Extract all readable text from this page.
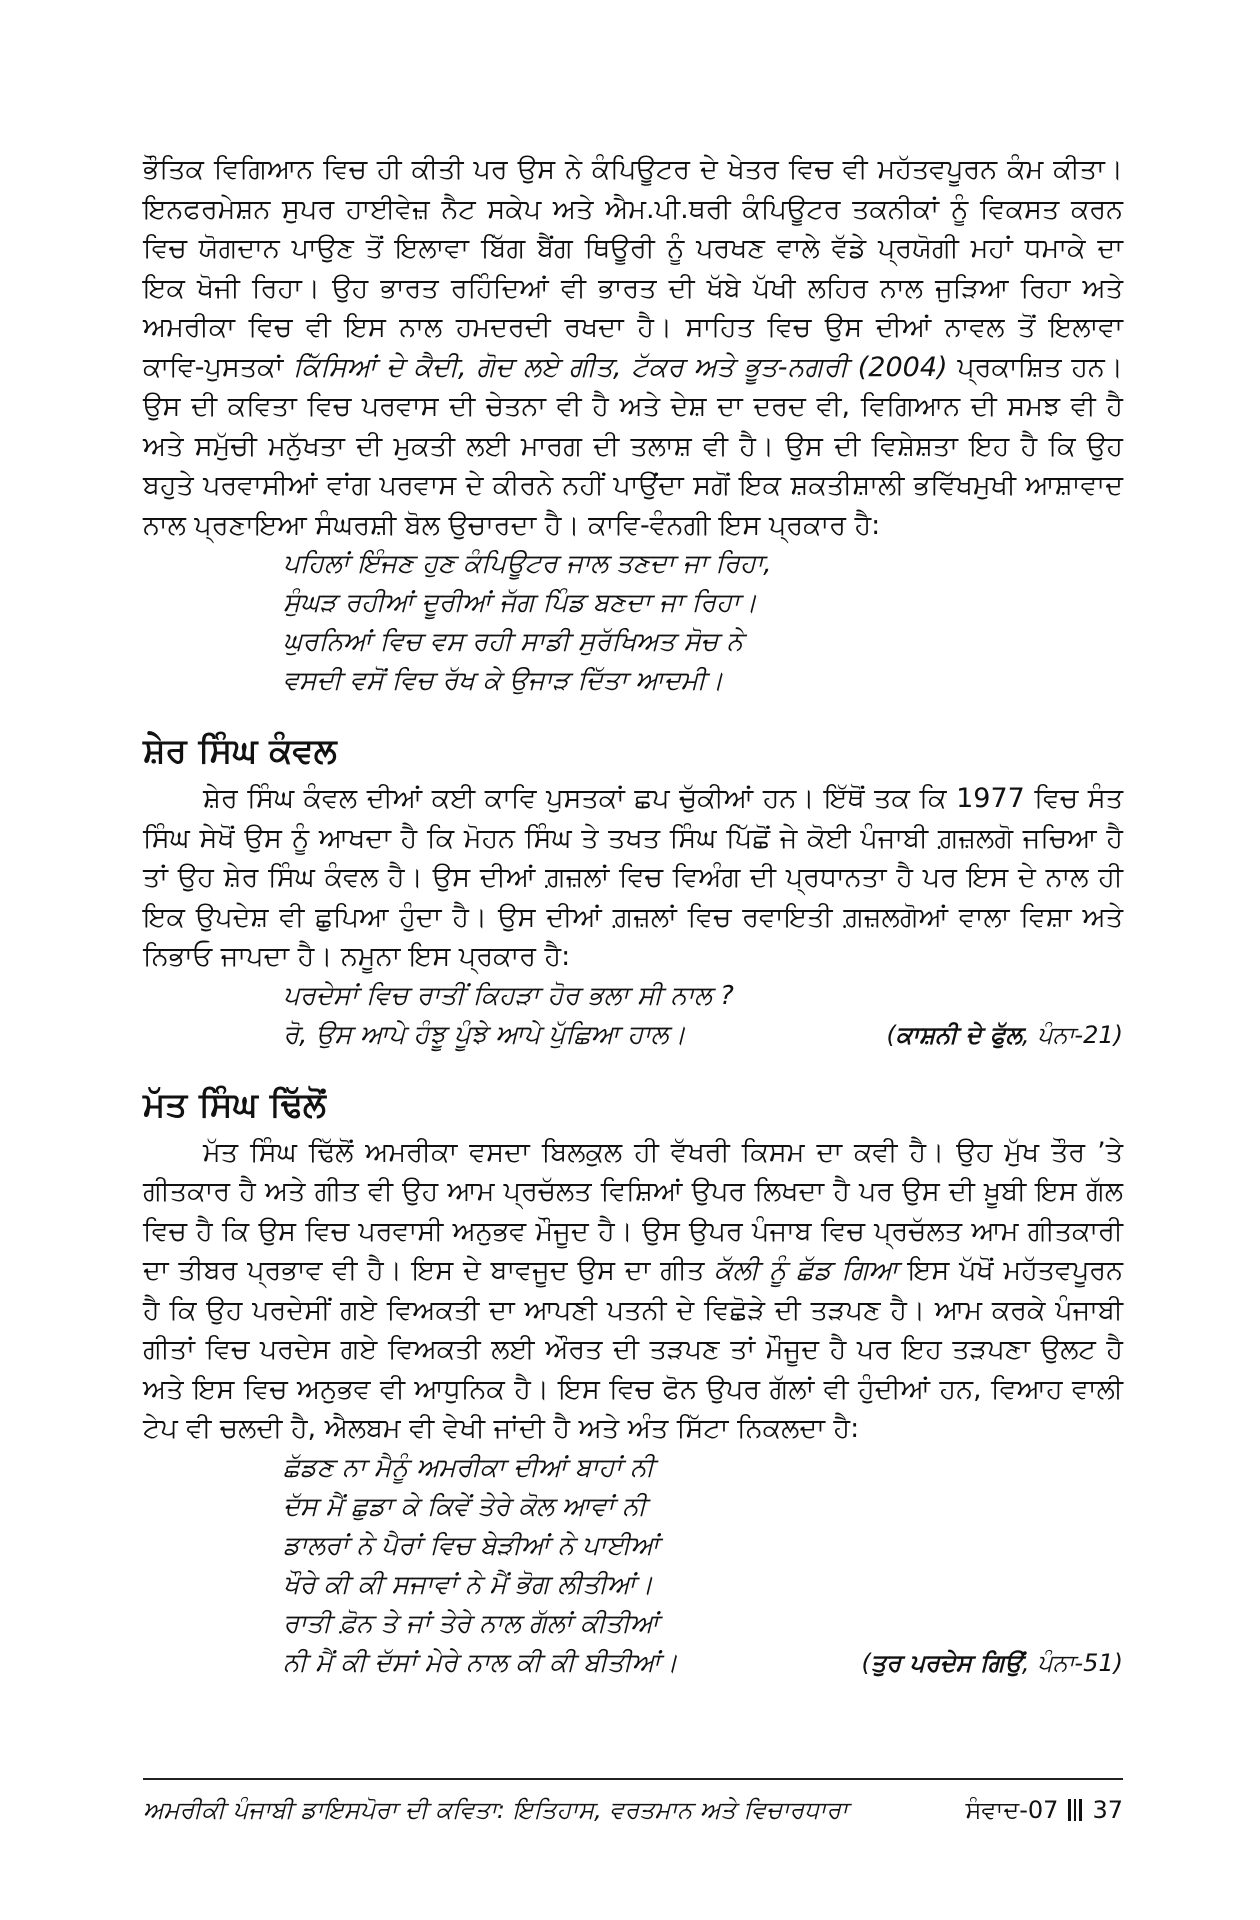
ਭੌਤਿਕ ਵਿਗਿਆਨ ਵਿਚ ਹੀ ਕੀਤੀ ਪਰ ਉਸ ਨੇ ਕੰਪਿਊਟਰ ਦੇ ਖੇਤਰ ਵਿਚ ਵੀ ਮਹੱਤਵਪੂਰਨ ਕੰਮ ਕੀਤਾ। ਇਨਫਰਮੇਸ਼ਨ ਸੁਪਰ ਹਾਈਵੇਜ਼ ਨੈਟ ਸਕੇਪ ਅਤੇ ਐਮ.ਪੀ.ਥਰੀ ਕੰਪਿਊਟਰ ਤਕਨੀਕਾਂ ਨੂੰ ਵਿਕਸਤ ਕਰਨ ਵਿਚ ਯੋਗਦਾਨ ਪਾਉਣ ਤੋਂ ਇਲਾਵਾ ਬਿੱਗ ਬੈਂਗ ਥਿਊਰੀ ਨੂੰ ਪਰਖਣ ਵਾਲੇ ਵੱਡੇ ਪ੍ਰਯੋਗੀ ਮਹਾਂ ਧਮਾਕੇ ਦਾ ਇਕ ਖੋਜੀ ਰਿਹਾ। ਉਹ ਭਾਰਤ ਰਹਿੰਦਿਆਂ ਵੀ ਭਾਰਤ ਦੀ ਖੱਬੇ ਪੱਖੀ ਲਹਿਰ ਨਾਲ ਜੁੜਿਆ ਰਿਹਾ ਅਤੇ ਅਮਰੀਕਾ ਵਿਚ ਵੀ ਇਸ ਨਾਲ ਹਮਦਰਦੀ ਰਖਦਾ ਹੈ। ਸਾਹਿਤ ਵਿਚ ਉਸ ਦੀਆਂ ਨਾਵਲ ਤੋਂ ਇਲਾਵਾ ਕਾਵਿ-ਪੁਸਤਕਾਂ ਕਿੱਸਿਆਂ ਦੇ ਕੈਦੀ, ਗੋਦ ਲਏ ਗੀਤ, ਟੱਕਰ ਅਤੇ ਭੂਤ-ਨਗਰੀ (2004) ਪ੍ਰਕਾਸ਼ਿਤ ਹਨ। ਉਸ ਦੀ ਕਵਿਤਾ ਵਿਚ ਪਰਵਾਸ ਦੀ ਚੇਤਨਾ ਵੀ ਹੈ ਅਤੇ ਦੇਸ਼ ਦਾ ਦਰਦ ਵੀ, ਵਿਗਿਆਨ ਦੀ ਸਮਝ ਵੀ ਹੈ ਅਤੇ ਸਮੁੱਚੀ ਮਨੁੱਖਤਾ ਦੀ ਮੁਕਤੀ ਲਈ ਮਾਰਗ ਦੀ ਤਲਾਸ਼ ਵੀ ਹੈ। ਉਸ ਦੀ ਵਿਸ਼ੇਸ਼ਤਾ ਇਹ ਹੈ ਕਿ ਉਹ ਬਹੁਤੇ ਪਰਵਾਸੀਆਂ ਵਾਂਗ ਪਰਵਾਸ ਦੇ ਕੀਰਨੇ ਨਹੀਂ ਪਾਉਂਦਾ ਸਗੋਂ ਇਕ ਸ਼ਕਤੀਸ਼ਾਲੀ ਭਵਿੱਖਮੁਖੀ ਆਸ਼ਾਵਾਦ ਨਾਲ ਪ੍ਰਣਾਇਆ ਸੰਘਰਸ਼ੀ ਬੋਲ ਉਚਾਰਦਾ ਹੈ। ਕਾਵਿ-ਵੰਨਗੀ ਇਸ ਪ੍ਰਕਾਰ ਹੈ:

ਪਹਿਲਾਂ ਇੰਜਣ ਹੁਣ ਕੰਪਿਊਟਰ ਜਾਲ ਤਣਦਾ ਜਾ ਰਿਹਾ,
ਸੁੰਘੜ ਰਹੀਆਂ ਦੂਰੀਆਂ ਜੱਗ ਪਿੰਡ ਬਣਦਾ ਜਾ ਰਿਹਾ।
ਘੁਰਨਿਆਂ ਵਿਚ ਵਸ ਰਹੀ ਸਾਡੀ ਸੁਰੱਖਿਅਤ ਸੋਚ ਨੇ
ਵਸਦੀ ਵਸੋਂ ਵਿਚ ਰੱਖ ਕੇ ਉਜਾੜ ਦਿੱਤਾ ਆਦਮੀ।
ਸ਼ੇਰ ਸਿੰਘ ਕੰਵਲ

ਸ਼ੇਰ ਸਿੰਘ ਕੰਵਲ ਦੀਆਂ ਕਈ ਕਾਵਿ ਪੁਸਤਕਾਂ ਛਪ ਚੁੱਕੀਆਂ ਹਨ। ਇੱਥੋਂ ਤਕ ਕਿ 1977 ਵਿਚ ਸੰਤ ਸਿੰਘ ਸੇਖੋਂ ਉਸ ਨੂੰ ਆਖਦਾ ਹੈ ਕਿ ਮੋਹਨ ਸਿੰਘ ਤੇ ਤਖਤ ਸਿੰਘ ਪਿੱਛੋਂ ਜੇ ਕੋਈ ਪੰਜਾਬੀ ਗ਼ਜ਼ਲਗੋ ਜਚਿਆ ਹੈ ਤਾਂ ਉਹ ਸ਼ੇਰ ਸਿੰਘ ਕੰਵਲ ਹੈ। ਉਸ ਦੀਆਂ ਗ਼ਜ਼ਲਾਂ ਵਿਚ ਵਿਅੰਗ ਦੀ ਪ੍ਰਧਾਨਤਾ ਹੈ ਪਰ ਇਸ ਦੇ ਨਾਲ ਹੀ ਇਕ ਉਪਦੇਸ਼ ਵੀ ਛੁਪਿਆ ਹੁੰਦਾ ਹੈ। ਉਸ ਦੀਆਂ ਗ਼ਜ਼ਲਾਂ ਵਿਚ ਰਵਾਇਤੀ ਗ਼ਜ਼ਲਗੋਆਂ ਵਾਲਾ ਵਿਸ਼ਾ ਅਤੇ ਨਿਭਾਓ ਜਾਪਦਾ ਹੈ। ਨਮੂਨਾ ਇਸ ਪ੍ਰਕਾਰ ਹੈ:

ਪਰਦੇਸਾਂ ਵਿਚ ਰਾਤੀਂ ਕਿਹੜਾ ਹੋਰ ਭਲਾ ਸੀ ਨਾਲ ?
ਰੋ, ਉਸ ਆਪੇ ਹੰਝੂ ਪੂੰਝੇ ਆਪੇ ਪੁੱਛਿਆ ਹਾਲ।	(ਕਾਸ਼ਨੀ ਦੇ ਫੁੱਲ, ਪੰਨਾ-21)
ਮੱਤ ਸਿੰਘ ਢਿੱਲੋਂ

ਮੱਤ ਸਿੰਘ ਢਿੱਲੋਂ ਅਮਰੀਕਾ ਵਸਦਾ ਬਿਲਕੁਲ ਹੀ ਵੱਖਰੀ ਕਿਸਮ ਦਾ ਕਵੀ ਹੈ। ਉਹ ਮੁੱਖ ਤੌਰ ’ਤੇ ਗੀਤਕਾਰ ਹੈ ਅਤੇ ਗੀਤ ਵੀ ਉਹ ਆਮ ਪ੍ਰਚੱਲਤ ਵਿਸ਼ਿਆਂ ਉਪਰ ਲਿਖਦਾ ਹੈ ਪਰ ਉਸ ਦੀ ਖ਼ੂਬੀ ਇਸ ਗੱਲ ਵਿਚ ਹੈ ਕਿ ਉਸ ਵਿਚ ਪਰਵਾਸੀ ਅਨੁਭਵ ਮੌਜੂਦ ਹੈ। ਉਸ ਉਪਰ ਪੰਜਾਬ ਵਿਚ ਪ੍ਰਚੱਲਤ ਆਮ ਗੀਤਕਾਰੀ ਦਾ ਤੀਬਰ ਪ੍ਰਭਾਵ ਵੀ ਹੈ। ਇਸ ਦੇ ਬਾਵਜੂਦ ਉਸ ਦਾ ਗੀਤ ਕੱਲੀ ਨੂੰ ਛੱਡ ਗਿਆ ਇਸ ਪੱਖੋਂ ਮਹੱਤਵਪੂਰਨ ਹੈ ਕਿ ਉਹ ਪਰਦੇਸੀਂ ਗਏ ਵਿਅਕਤੀ ਦਾ ਆਪਣੀ ਪਤਨੀ ਦੇ ਵਿਛੋੜੇ ਦੀ ਤੜਪਣ ਹੈ। ਆਮ ਕਰਕੇ ਪੰਜਾਬੀ ਗੀਤਾਂ ਵਿਚ ਪਰਦੇਸ ਗਏ ਵਿਅਕਤੀ ਲਈ ਔਰਤ ਦੀ ਤੜਪਣ ਤਾਂ ਮੌਜੂਦ ਹੈ ਪਰ ਇਹ ਤੜਪਣਾ ਉਲਟ ਹੈ ਅਤੇ ਇਸ ਵਿਚ ਅਨੁਭਵ ਵੀ ਆਧੁਨਿਕ ਹੈ। ਇਸ ਵਿਚ ਫੋਨ ਉਪਰ ਗੱਲਾਂ ਵੀ ਹੁੰਦੀਆਂ ਹਨ, ਵਿਆਹ ਵਾਲੀ ਟੇਪ ਵੀ ਚਲਦੀ ਹੈ, ਐਲਬਮ ਵੀ ਵੇਖੀ ਜਾਂਦੀ ਹੈ ਅਤੇ ਅੰਤ ਸਿੱਟਾ ਨਿਕਲਦਾ ਹੈ:

ਛੱਡਣ ਨਾ ਮੈਨੂੰ ਅਮਰੀਕਾ ਦੀਆਂ ਬਾਹਾਂ ਨੀ
ਦੱਸ ਮੈਂ ਛੁਡਾ ਕੇ ਕਿਵੇਂ ਤੇਰੇ ਕੋਲ ਆਵਾਂ ਨੀ
ਡਾਲਰਾਂ ਨੇ ਪੈਰਾਂ ਵਿਚ ਬੇੜੀਆਂ ਨੇ ਪਾਈਆਂ
ਖੌਰੇ ਕੀ ਕੀ ਸਜਾਵਾਂ ਨੇ ਮੈਂ ਭੋਗ ਲੀਤੀਆਂ।
ਰਾਤੀ ਫ਼ੋਨ ਤੇ ਜਾਂ ਤੇਰੇ ਨਾਲ ਗੱਲਾਂ ਕੀਤੀਆਂ
ਨੀ ਮੈਂ ਕੀ ਦੱਸਾਂ ਮੇਰੇ ਨਾਲ ਕੀ ਕੀ ਬੀਤੀਆਂ।	(ਤੁਰ ਪਰਦੇਸ ਗਿਉਂ, ਪੰਨਾ-51)
ਅਮਰੀਕੀ ਪੰਜਾਬੀ ਡਾਇਸਪੋਰਾ ਦੀ ਕਵਿਤਾ: ਇਤਿਹਾਸ, ਵਰਤਮਾਨ ਅਤੇ ਵਿਚਾਰਧਾਰਾ	ਸੰਵਾਦ-07 37
